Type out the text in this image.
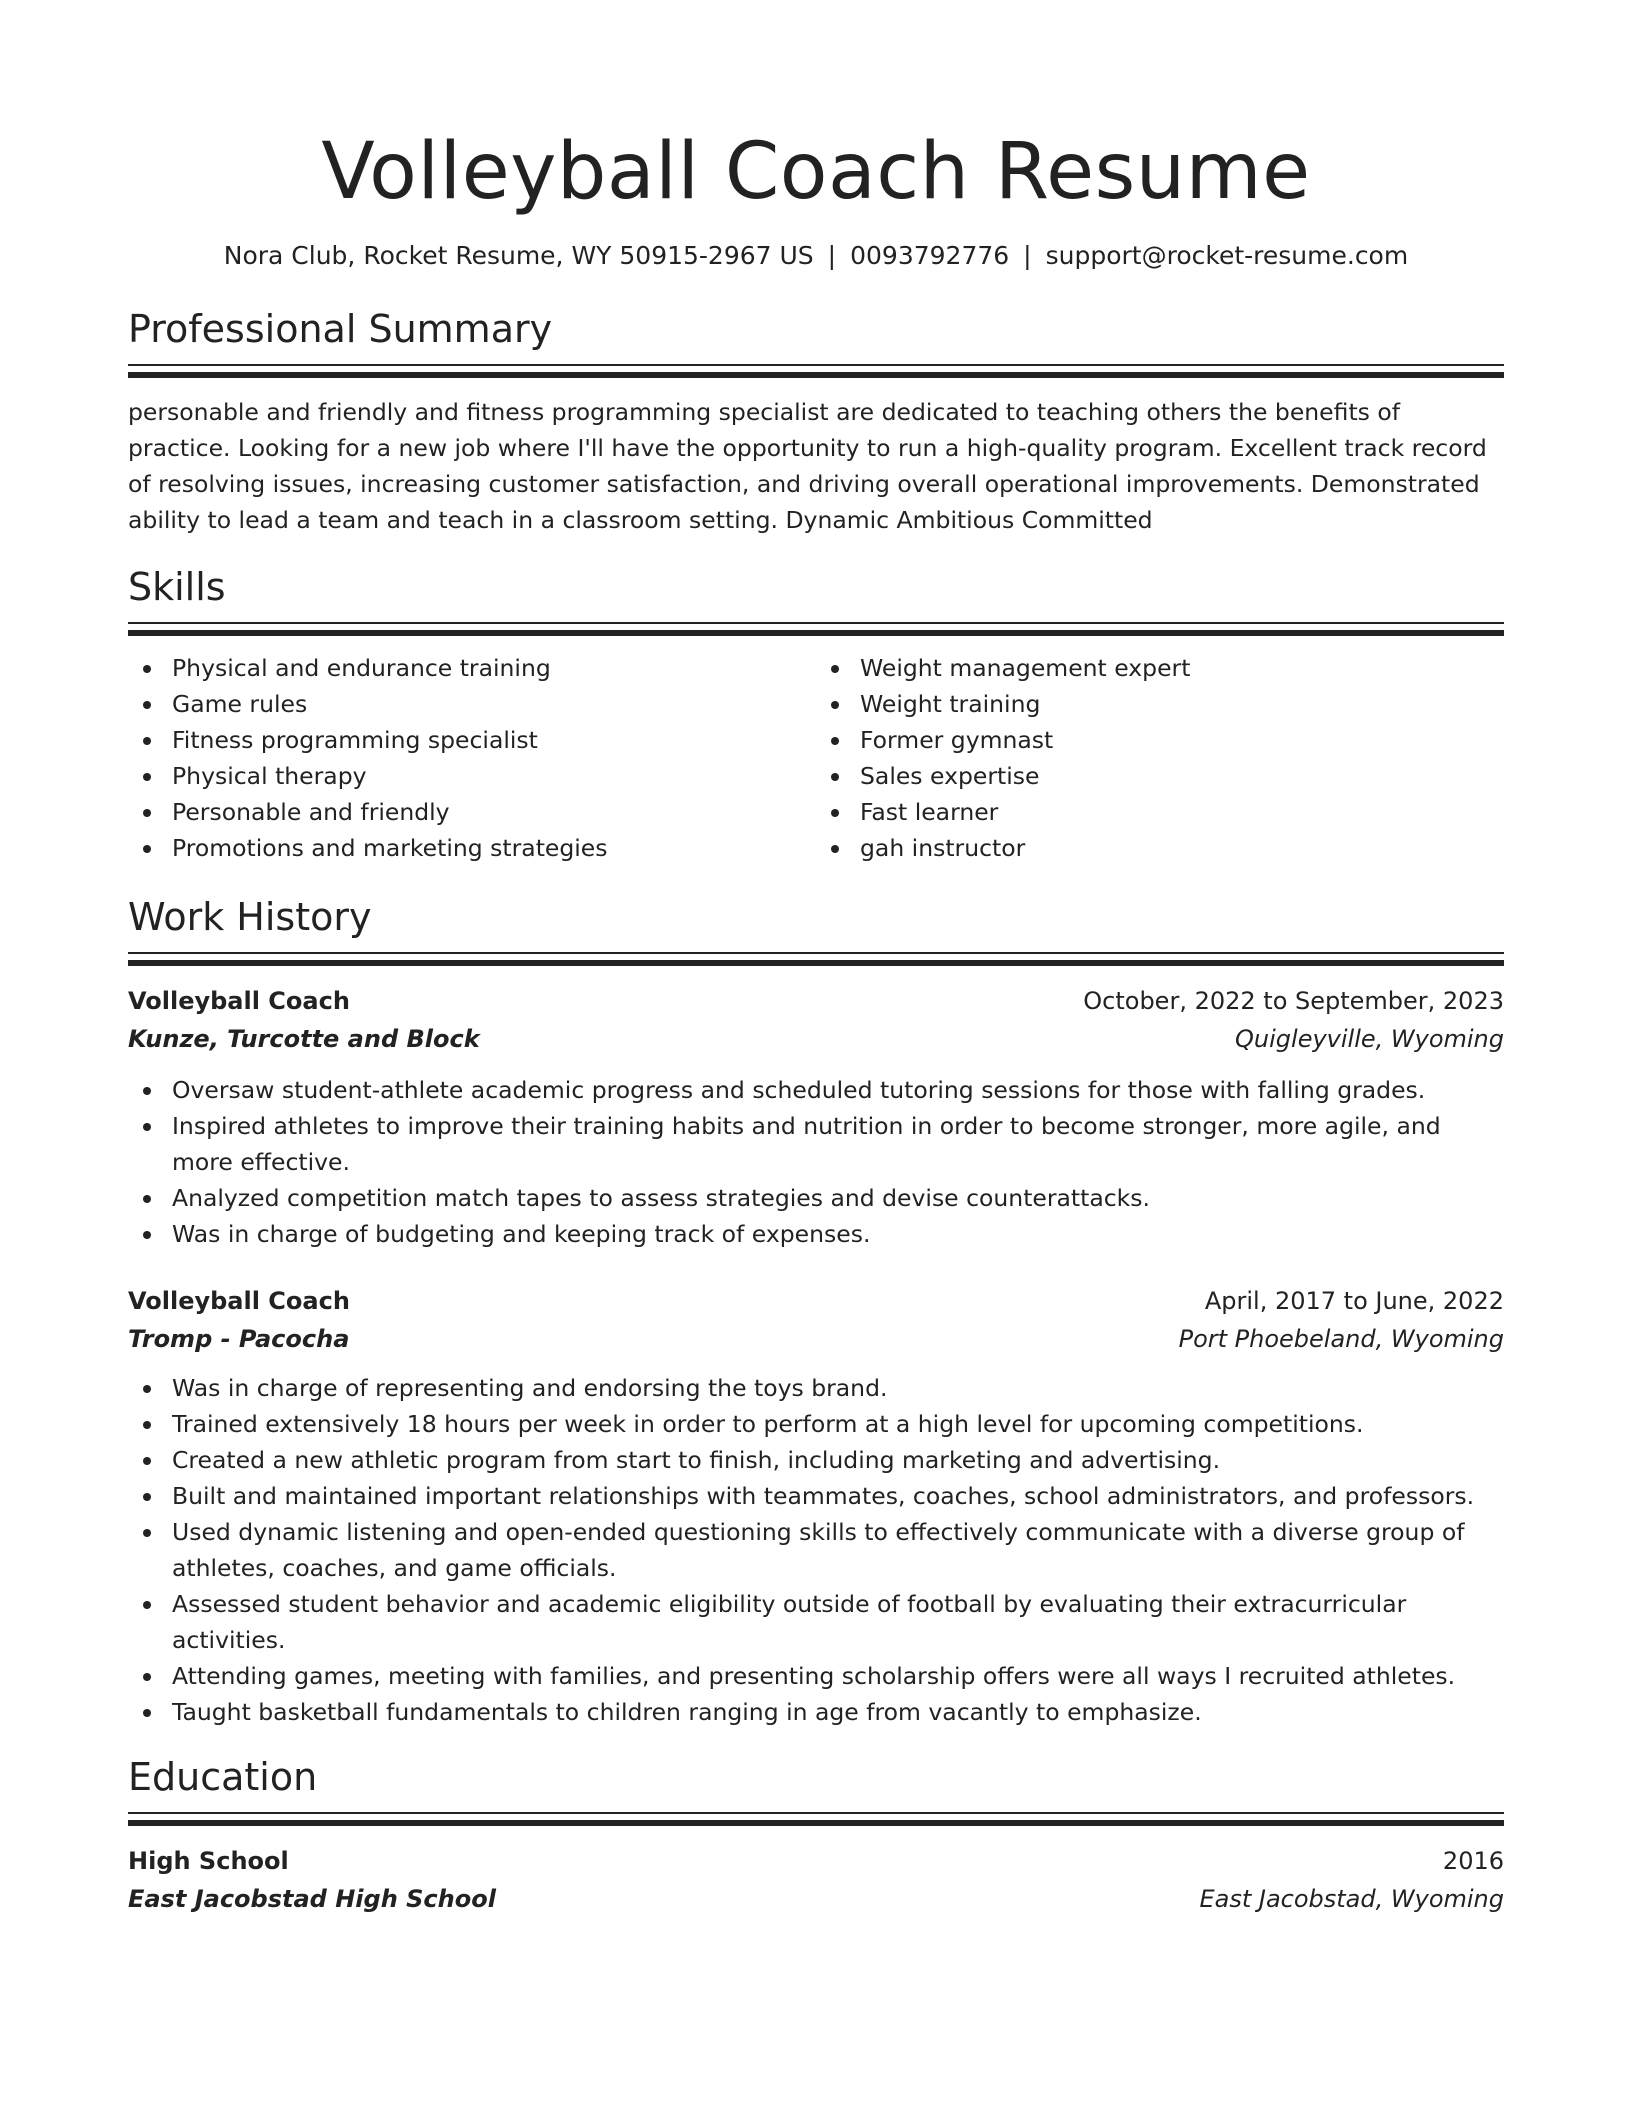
Volleyball Coach Resume
Nora Club, Rocket Resume, WY 50915-2967 US | 0093792776 | support@rocket-resume.com
Professional Summary

personable and friendly and fitness programming specialist are dedicated to teaching others the benefits of practice. Looking for a new job where I'll have the opportunity to run a high-quality program. Excellent track record of resolving issues, increasing customer satisfaction, and driving overall operational improvements. Demonstrated ability to lead a team and teach in a classroom setting. Dynamic Ambitious Committed

Skills
Physical and endurance training
Game rules
Fitness programming specialist
Physical therapy
Personable and friendly
Promotions and marketing strategies
Weight management expert
Weight training
Former gymnast
Sales expertise
Fast learner
gah instructor
Work History
Volleyball Coach	October, 2022 to September, 2023
Kunze, Turcotte and Block	Quigleyville, Wyoming
Oversaw student-athlete academic progress and scheduled tutoring sessions for those with falling grades.
Inspired athletes to improve their training habits and nutrition in order to become stronger, more agile, and more effective.
Analyzed competition match tapes to assess strategies and devise counterattacks.
Was in charge of budgeting and keeping track of expenses.
Volleyball Coach	April, 2017 to June, 2022
Tromp - Pacocha	Port Phoebeland, Wyoming
Was in charge of representing and endorsing the toys brand.
Trained extensively 18 hours per week in order to perform at a high level for upcoming competitions.
Created a new athletic program from start to finish, including marketing and advertising.
Built and maintained important relationships with teammates, coaches, school administrators, and professors.
Used dynamic listening and open-ended questioning skills to effectively communicate with a diverse group of athletes, coaches, and game officials.
Assessed student behavior and academic eligibility outside of football by evaluating their extracurricular activities.
Attending games, meeting with families, and presenting scholarship offers were all ways I recruited athletes.
Taught basketball fundamentals to children ranging in age from vacantly to emphasize.
Education
High School	2016
East Jacobstad High School	East Jacobstad, Wyoming
